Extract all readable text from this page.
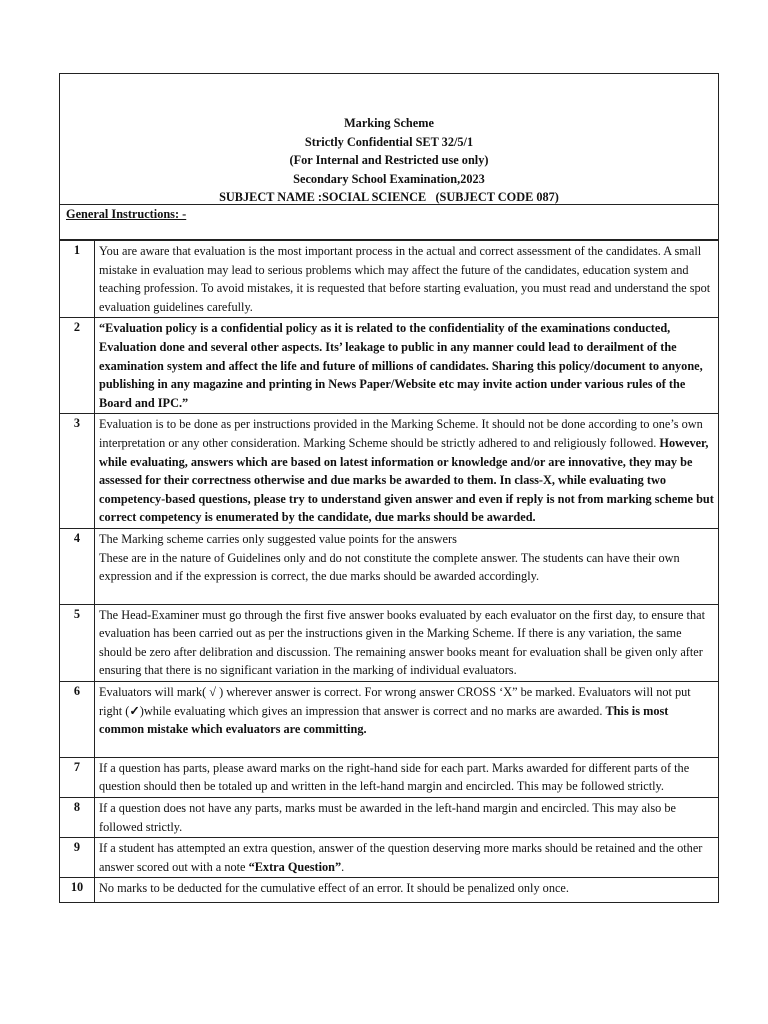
Marking Scheme
Strictly Confidential SET 32/5/1
(For Internal and Restricted use only)
Secondary School Examination,2023
SUBJECT NAME :SOCIAL SCIENCE   (SUBJECT CODE 087)
General Instructions: -
1	You are aware that evaluation is the most important process in the actual and correct assessment of the candidates. A small mistake in evaluation may lead to serious problems which may affect the future of the candidates, education system and teaching profession. To avoid mistakes, it is requested that before starting evaluation, you must read and understand the spot evaluation guidelines carefully.

2	“Evaluation policy is a confidential policy as it is related to the confidentiality of the examinations conducted, Evaluation done and several other aspects. Its’ leakage to public in any manner could lead to derailment of the examination system and affect the life and future of millions of candidates. Sharing this policy/document to anyone, publishing in any magazine and printing in News Paper/Website etc may invite action under various rules of the Board and IPC.”
3	Evaluation is to be done as per instructions provided in the Marking Scheme. It should not be done according to one’s own interpretation or any other consideration. Marking Scheme should be strictly adhered to and religiously followed. However, while evaluating, answers which are based on latest information or knowledge and/or are innovative, they may be assessed for their correctness otherwise and due marks be awarded to them. In class-X, while evaluating two competency-based questions, please try to understand given answer and even if reply is not from marking scheme but correct competency is enumerated by the candidate, due marks should be awarded.
4	The Marking scheme carries only suggested value points for the answers
These are in the nature of Guidelines only and do not constitute the complete answer. The students can have their own expression and if the expression is correct, the due marks should be awarded accordingly.

5	The Head-Examiner must go through the first five answer books evaluated by each evaluator on the first day, to ensure that evaluation has been carried out as per the instructions given in the Marking Scheme. If there is any variation, the same should be zero after delibration and discussion. The remaining answer books meant for evaluation shall be given only after ensuring that there is no significant variation in the marking of individual evaluators.
6	Evaluators will mark( √ ) wherever answer is correct. For wrong answer CROSS ‘X” be marked. Evaluators will not put right (✓)while evaluating which gives an impression that answer is correct and no marks are awarded. This is most common mistake which evaluators are committing.

7	If a question has parts, please award marks on the right-hand side for each part. Marks awarded for different parts of the question should then be totaled up and written in the left-hand margin and encircled. This may be followed strictly.
8	If a question does not have any parts, marks must be awarded in the left-hand margin and encircled. This may also be followed strictly.
9	If a student has attempted an extra question, answer of the question deserving more marks should be retained and the other answer scored out with a note “Extra Question”.
10	No marks to be deducted for the cumulative effect of an error. It should be penalized only once.
